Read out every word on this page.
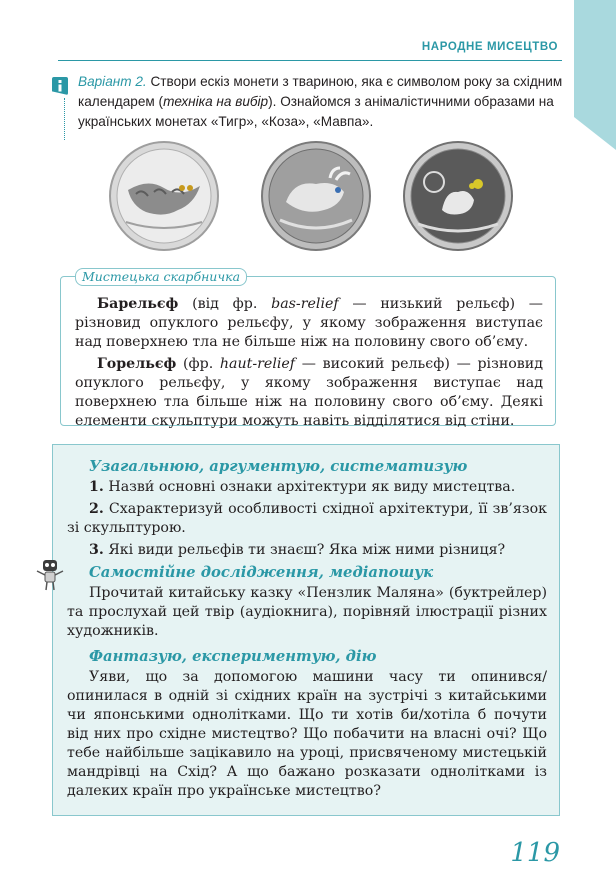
НАРОДНЕ МИСЕЦТВО
Варіант 2. Створи ескіз монети з твариною, яка є символом року за східним календарем (техніка на вибір). Ознайомся з анімалістичними образами на українських монетах «Тигр», «Коза», «Мавпа».
Мистецька скарбничка

Барельєф (від фр. bas-relief — низький рельєф) — різновид опуклого рельєфу, у якому зображення виступає над поверхнею тла не більше ніж на половину свого об’єму.

Горельєф (фр. haut-relief — високий рельєф) — різновид опуклого рельєфу, у якому зображення виступає над поверхнею тла більше ніж на половину свого об’єму. Деякі елементи скульптури можуть навіть відділятися від стіни.

Узагальнюю, аргументую, систематизую

1. Назви́ основні ознаки архітектури як виду мистецтва.

2. Схарактеризуй особливості східної архітектури, її зв’язок зі скульптурою.

3. Які види рельєфів ти знаєш? Яка між ними різниця?

Самостійне дослідження, медіапошук

Прочитай китайську казку «Пензлик Маляна» (буктрейлер) та прослухай цей твір (аудіокнига), порівняй ілюстрації різних художників.

Фантазую, експериментую, дію

Уяви, що за допомогою машини часу ти опинився/опинилася в одній зі східних країн на зустрічі з китайськими чи японськими однолітками. Що ти хотів би/хотіла б почути від них про східне мистецтво? Що побачити на власні очі? Що тебе найбільше зацікавило на уроці, присвяченому мистецькій мандрівці на Схід? А що бажано розказати однолітками із далеких країн про українське мистецтво?

119
